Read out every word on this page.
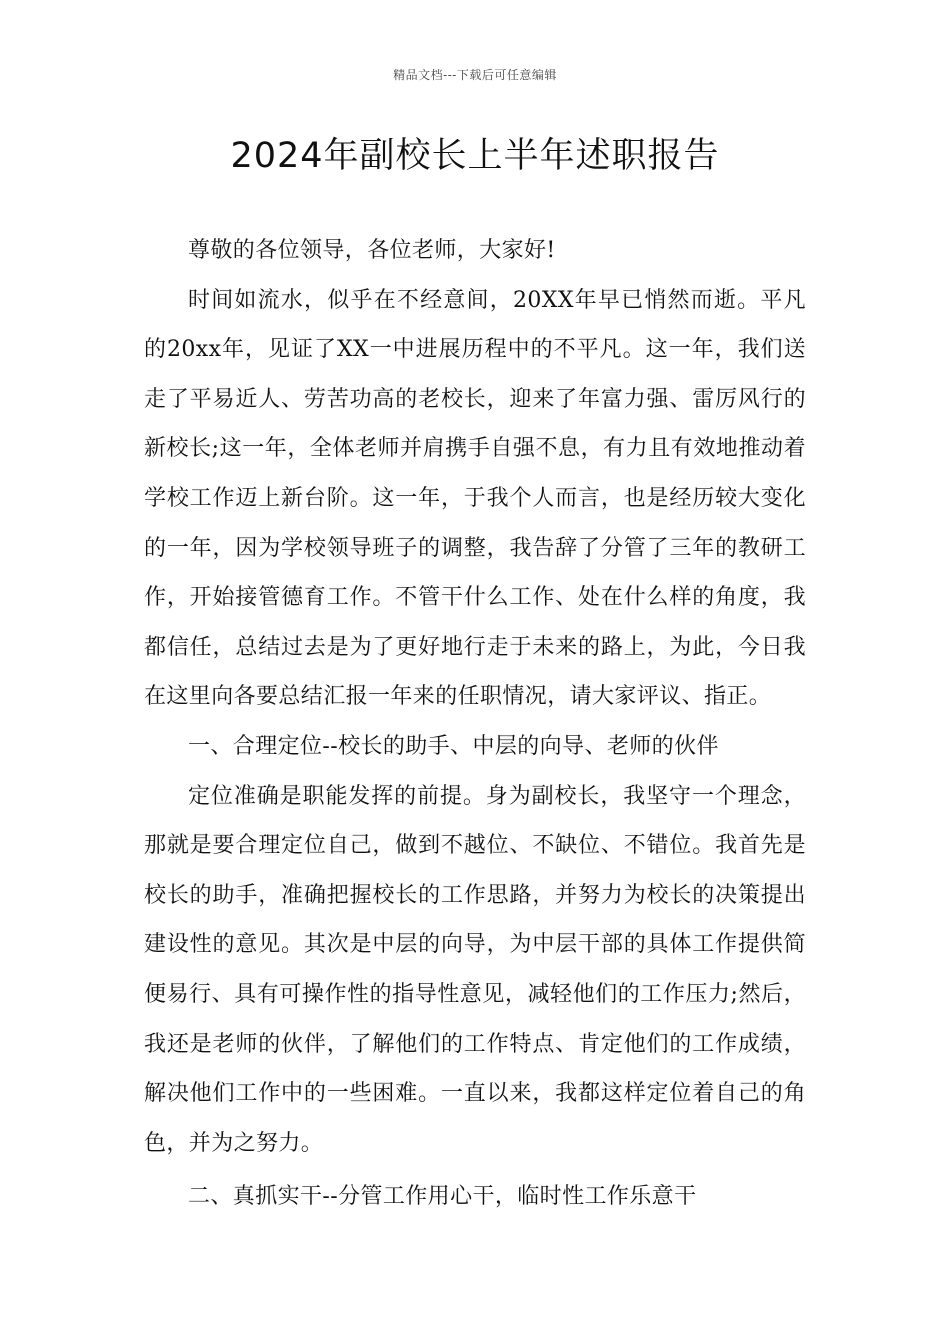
精品文档---下载后可任意编辑
2024年副校长上半年述职报告

尊敬的各位领导，各位老师，大家好!

时间如流水，似乎在不经意间，20XX年早已悄然而逝。平凡的20xx年，见证了XX一中进展历程中的不平凡。这一年，我们送走了平易近人、劳苦功高的老校长，迎来了年富力强、雷厉风行的新校长;这一年，全体老师并肩携手自强不息，有力且有效地推动着学校工作迈上新台阶。这一年，于我个人而言，也是经历较大变化的一年，因为学校领导班子的调整，我告辞了分管了三年的教研工作，开始接管德育工作。不管干什么工作、处在什么样的角度，我都信任，总结过去是为了更好地行走于未来的路上，为此，今日我在这里向各要总结汇报一年来的任职情况，请大家评议、指正。

一、合理定位--校长的助手、中层的向导、老师的伙伴

定位准确是职能发挥的前提。身为副校长，我坚守一个理念，那就是要合理定位自己，做到不越位、不缺位、不错位。我首先是校长的助手，准确把握校长的工作思路，并努力为校长的决策提出建设性的意见。其次是中层的向导，为中层干部的具体工作提供简便易行、具有可操作性的指导性意见，减轻他们的工作压力;然后，我还是老师的伙伴，了解他们的工作特点、肯定他们的工作成绩，解决他们工作中的一些困难。一直以来，我都这样定位着自己的角色，并为之努力。

二、真抓实干--分管工作用心干，临时性工作乐意干
